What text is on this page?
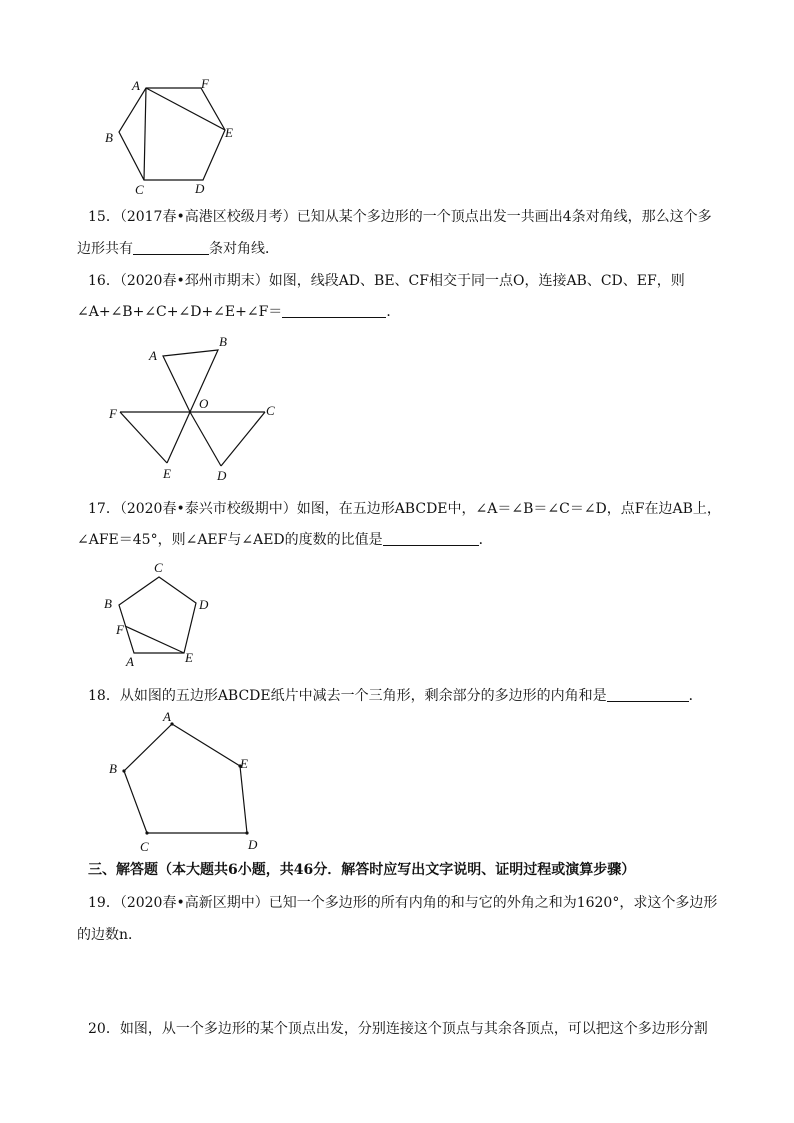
A	F
B	E
C	D
15．（2017春•高港区校级月考）已知从某个多边形的一个顶点出发一共画出4条对角线，那么这个多
边形共有	条对角线．
16．（2020春•邳州市期末）如图，线段AD、BE、CF相交于同一点O，连接AB、CD、EF，则
∠A+∠B+∠C+∠D+∠E+∠F＝	．
A
B
F
O	C
E	D
17．（2020春•泰兴市校级期中）如图，在五边形ABCDE中，∠A＝∠B＝∠C＝∠D，点F在边AB上，
∠AFE＝45°，则∠AEF与∠AED的度数的比值是	．
C
B	D
F
A	E
18．从如图的五边形ABCDE纸片中减去一个三角形，剩余部分的多边形的内角和是	．
A
B	E
C	D
三、解答题（本大题共6小题，共46分．解答时应写出文字说明、证明过程或演算步骤）
19．（2020春•高新区期中）已知一个多边形的所有内角的和与它的外角之和为1620°，求这个多边形
的边数n．
20．如图，从一个多边形的某个顶点出发，分别连接这个顶点与其余各顶点，可以把这个多边形分割
